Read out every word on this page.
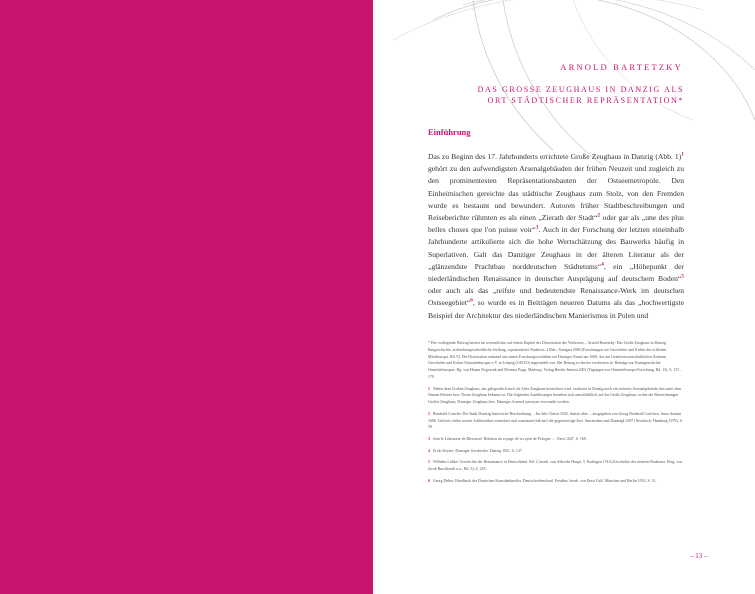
ARNOLD BARTETZKY
DAS GROSSE ZEUGHAUS IN DANZIG ALS
ORT STÄDTISCHER REPRÄSENTATION*
Einführung

Das zu Beginn des 17. Jahrhunderts errichtete Große Zeughaus in Danzig (Abb. 1)$^1$ gehört zu den aufwendigsten Arsenalgebäuden der frühen Neuzeit und zugleich zu den prominentesten Repräsentationsbauten der Ostseemetropole. Den Einheimischen gereichte das städtische Zeughaus zum Stolz, von den Fremden wurde es bestaunt und bewundert. Autoren früher Stadtbeschreibungen und Reiseberichte rühmten es als einen „Zierath der Stadt“$^2$ oder gar als „une des plus belles choses que l'on puisse voir“$^3$. Auch in der Forschung der letzten eineinhalb Jahrhunderte artikulierte sich die hohe Wertschätzung des Bauwerks häufig in Superlativen. Galt das Danziger Zeughaus in der älteren Literatur als der „glänzendste Prachtbau norddeutschen Städtetums“$^4$, ein „Höhepunkt der niederländischen Renaissance in deutscher Ausprägung auf deutschem Boden“$^5$ oder auch als das „reifste und bedeutendste Renaissance-Werk im deutschen Ostseegebiet“$^6$, so wurde es in Beiträgen neueren Datums als das „hochwertigste Beispiel der Architektur des niederländischen Manierismus in Polen und

* Der vorliegende Beitrag basiert im wesentlichen auf einem Kapitel der Dissertation des Verfassers – Arnold Bartetzky: Das Große Zeughaus in Danzig. Baugeschichte, architekturgeschichtliche Stellung, repräsentative Funktion. 2 Bde., Stuttgart 2000 (Forschungen zur Geschichte und Kultur des östlichen Mitteleuropa, Bd. 9). Die Dissertation entstand aus einem Forschungsvorhaben zur Danziger Kunst um 1600, das am Geisteswissenschaftlichen Zentrum Geschichte und Kultur Ostmitteleuropas e.V. in Leipzig (GWZO) angesiedelt war. Der Beitrag ist bereits erschienen in: Beiträge zur Kunstgeschichte Ostmitteleuropas. Hg. von Hanna Nogossek und Dietmar Popp. Marburg: Verlag Herder-Institut 2001 (Tagungen zur Ostmitteleuropa-Forschung, Bd. 13), S. 137–170.

1 Neben dem Großen Zeughaus, das gelegentlich auch als Altes Zeughaus bezeichnet wird, existierte in Danzig noch ein weiteres Arsenalgebäude, das unter dem Namen Kleines bzw. Neues Zeughaus bekannt ist. Die folgenden Ausführungen beziehen sich ausschließlich auf das Große Zeughaus, wobei die Bezeichnungen Großes Zeughaus, Danziger Zeughaus bzw. Danziger Arsenal synonym verwendet werden.

2 Reinhold Curicke: Der Stadt Dantzig historische Beschreibung ... Im Jahr Christi 1645. Anitzo aber ... ausgegeben von Georg Reinhold Curicken. Anno domini 1686. Und mit vielen newen Additionibus vermehret und continuiret biß auff die gegenwertige Zeit. Amsterdam und Dantzigk 1687 (Neudruck: Hamburg 1979), S. 58.

3 Jean le Laboureur de Bleranval: Relation du voyage de la royne de Pologne ... . Paris 1647, S. 168.

4 Erich Keyser: Danziger Geschichte. Danzig 1921, S. 137.

5 Wilhelm Lübke: Geschichte der Renaissance in Deutschland. Bd. 2, bearb. von Albrecht Haupt, 3. Esslingen 1914 (Geschichte der neueren Baukunst. Hrsg. von Jacob Burckhardt u.a., Bd. 5), S. 218.

6 Georg Dehio: Handbuch der Deutschen Kunstdenkmäler. Deutschordensland. Preußen, bearb. von Ernst Gall. München und Berlin 1952, S. 31.

– 13 –
